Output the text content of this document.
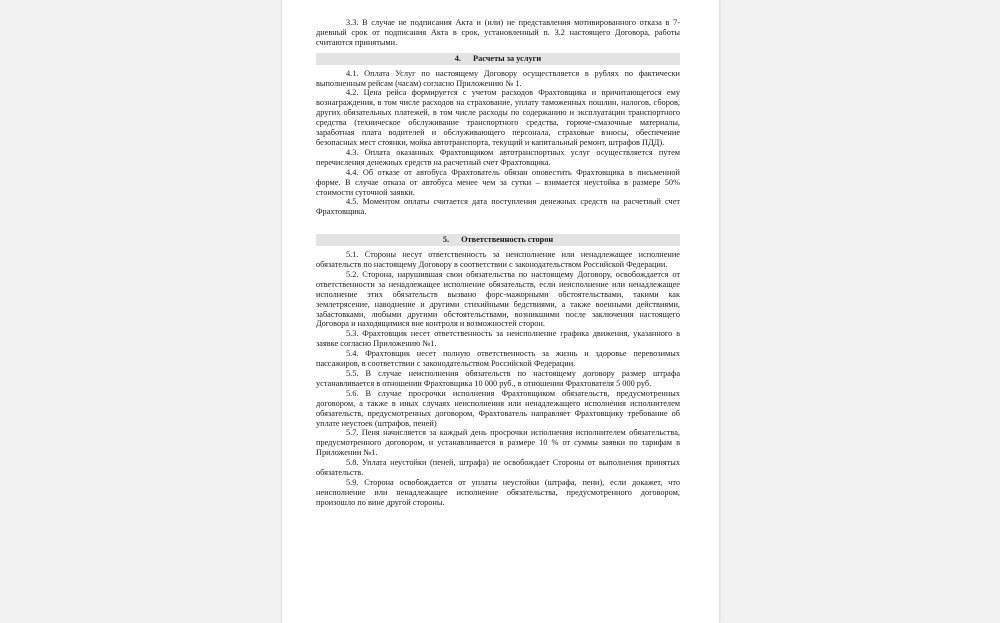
3.3. В случае не подписания Акта и (или) не представления мотивированного отказа в 7-дневный срок от подписания Акта в срок, установленный п. 3.2 настоящего Договора, работы считаются принятыми.

4. Расчеты за услуги

4.1. Оплата Услуг по настоящему Договору осуществляется в рублях по фактически выполненным рейсам (часам) согласно Приложению № 1.

4.2. Цена рейса формируется с учетом расходов Фрахтовщика и причитающегося ему вознаграждения, в том числе расходов на страхование, уплату таможенных пошлин, налогов, сборов, других обязательных платежей, в том числе расходы по содержанию и эксплуатации транспортного средства (техническое обслуживание транспортного средства, горюче-смазочные материалы, заработная плата водителей и обслуживающего персонала, страховые взносы, обеспечение безопасных мест стоянки, мойка автотранспорта, текущий и капитальный ремонт, штрафов ПДД).

4.3. Оплата оказанных Фрахтовщиком автотранспортных услуг осуществляется путем перечисления денежных средств на расчетный счет Фрахтовщика.

4.4. Об отказе от автобуса Фрахтователь обязан оповестить Фрахтовщика в письменной форме. В случае отказа от автобуса менее чем за сутки – взимается неустойка в размере 50% стоимости суточной заявки.

4.5. Моментом оплаты считается дата поступления денежных средств на расчетный счет Фрахтовщика.

5. Ответственность сторон

5.1. Стороны несут ответственность за неисполнение или ненадлежащее исполнение обязательств по настоящему Договору в соответствии с законодательством Российской Федерации.

5.2. Сторона, нарушившая свои обязательства по настоящему Договору, освобождается от ответственности за ненадлежащее исполнение обязательств, если неисполнение или ненадлежащее исполнение этих обязательств вызвано форс-мажорными обстоятельствами, такими как землетрясение, наводнение и другими стихийными бедствиями, а также военными действиями, забастовками, любыми другими обстоятельствами, возникшими после заключения настоящего Договора и находящимися вне контроля и возможностей сторон.

5.3. Фрахтовщик несет ответственность за неисполнение графика движения, указанного в заявке согласно Приложению №1.

5.4. Фрахтовщик несет полную ответственность за жизнь и здоровье перевозимых пассажиров, в соответствии с законодательством Российской Федерации.

5.5. В случае неисполнения обязательств по настоящему договору размер штрафа устанавливается в отношении Фрахтовщика 10 000 руб., в отношении Фрахтователя 5 000 руб.

5.6. В случае просрочки исполнения Фрахтовщиком обязательств, предусмотренных договором, а также в иных случаях неисполнения или ненадлежащего исполнения исполнителем обязательств, предусмотренных договором, Фрахтователь направляет Фрахтовщику требование об уплате неустоек (штрафов, пеней)

5.7. Пеня начисляется за каждый день просрочки исполнения исполнителем обязательства, предусмотренного договором, и устанавливается в размере 10 % от суммы заявки по тарифам в Приложении №1.

5.8. Уплата неустойки (пеней, штрафа) не освобождает Стороны от выполнения принятых обязательств.

5.9. Сторона освобождается от уплаты неустойки (штрафа, пени), если докажет, что неисполнение или ненадлежащее исполнение обязательства, предусмотренного договором, произошло по вине другой стороны.
